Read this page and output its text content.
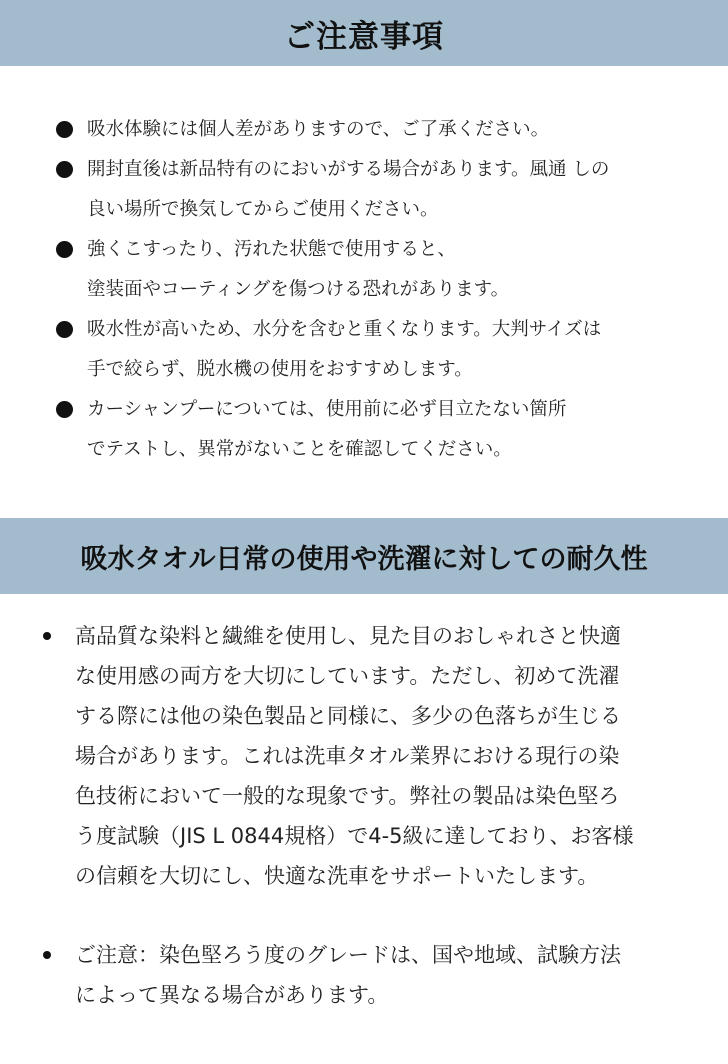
ご注意事項
吸水体験には個人差がありますので、ご了承ください。
開封直後は新品特有のにおいがする場合があります。風通 しの
良い場所で換気してからご使用ください。
強くこすったり、汚れた状態で使用すると、
塗装面やコーティングを傷つける恐れがあります。
吸水性が高いため、水分を含むと重くなります。大判サイズは
手で絞らず、脱水機の使用をおすすめします。
カーシャンプーについては、使用前に必ず目立たない箇所
でテストし、異常がないことを確認してください。
吸水タオル日常の使用や洗濯に対しての耐久性
高品質な染料と繊維を使用し、見た目のおしゃれさと快適
な使用感の両方を大切にしています。ただし、初めて洗濯
する際には他の染色製品と同様に、多少の色落ちが生じる
場合があります。これは洗車タオル業界における現行の染
色技術において一般的な現象です。弊社の製品は染色堅ろ
う度試験（JIS L 0844規格）で4-5級に達しており、お客様
の信頼を大切にし、快適な洗車をサポートいたします。
ご注意：染色堅ろう度のグレードは、国や地域、試験方法
によって異なる場合があります。
